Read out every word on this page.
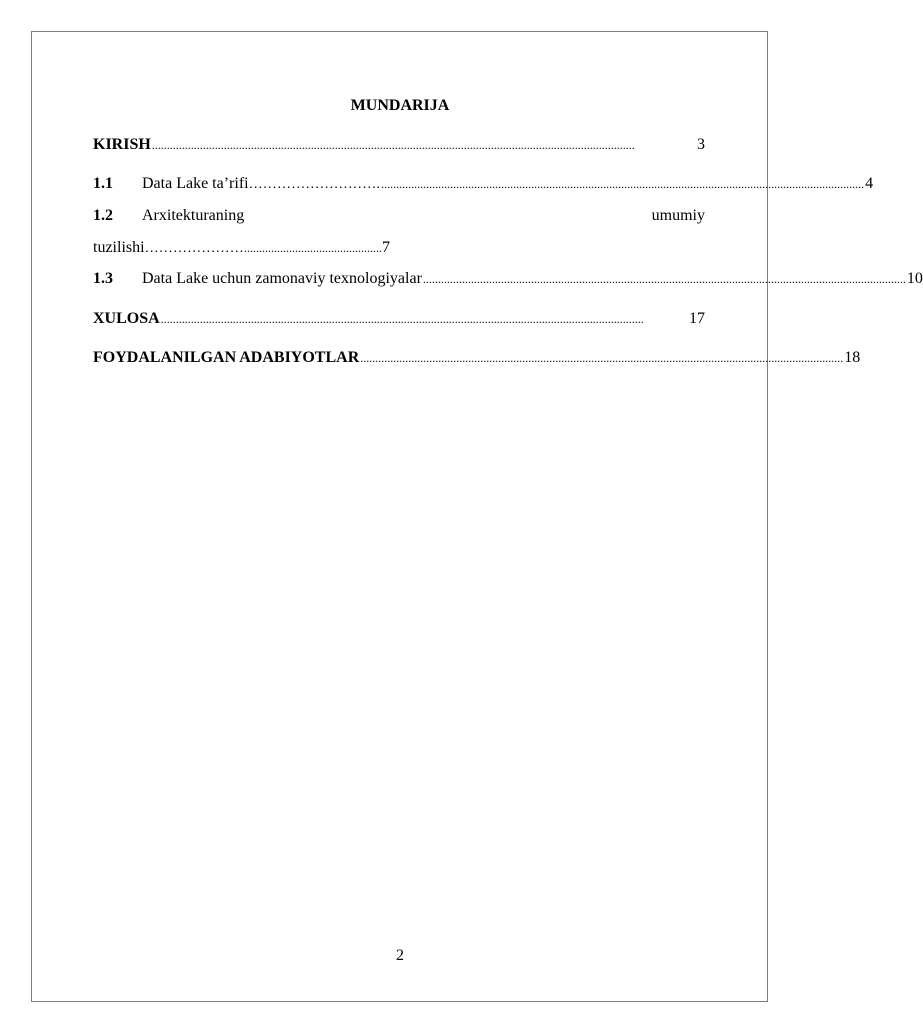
MUNDARIJA
KIRISH .................................................................................................................................................................	3
1.1	Data Lake ta’rifi ………………………. ................................................................................................................................................................. 4
1.2	Arxitekturaning	umumiy
tuzilishi ………………… .............................................. 7
1.3	Data Lake uchun zamonaviy texnologiyalar ................................................................................................................................................................. 10
XULOSA .................................................................................................................................................................	17
FOYDALANILGAN ADABIYOTLAR ................................................................................................................................................................. 18
2
